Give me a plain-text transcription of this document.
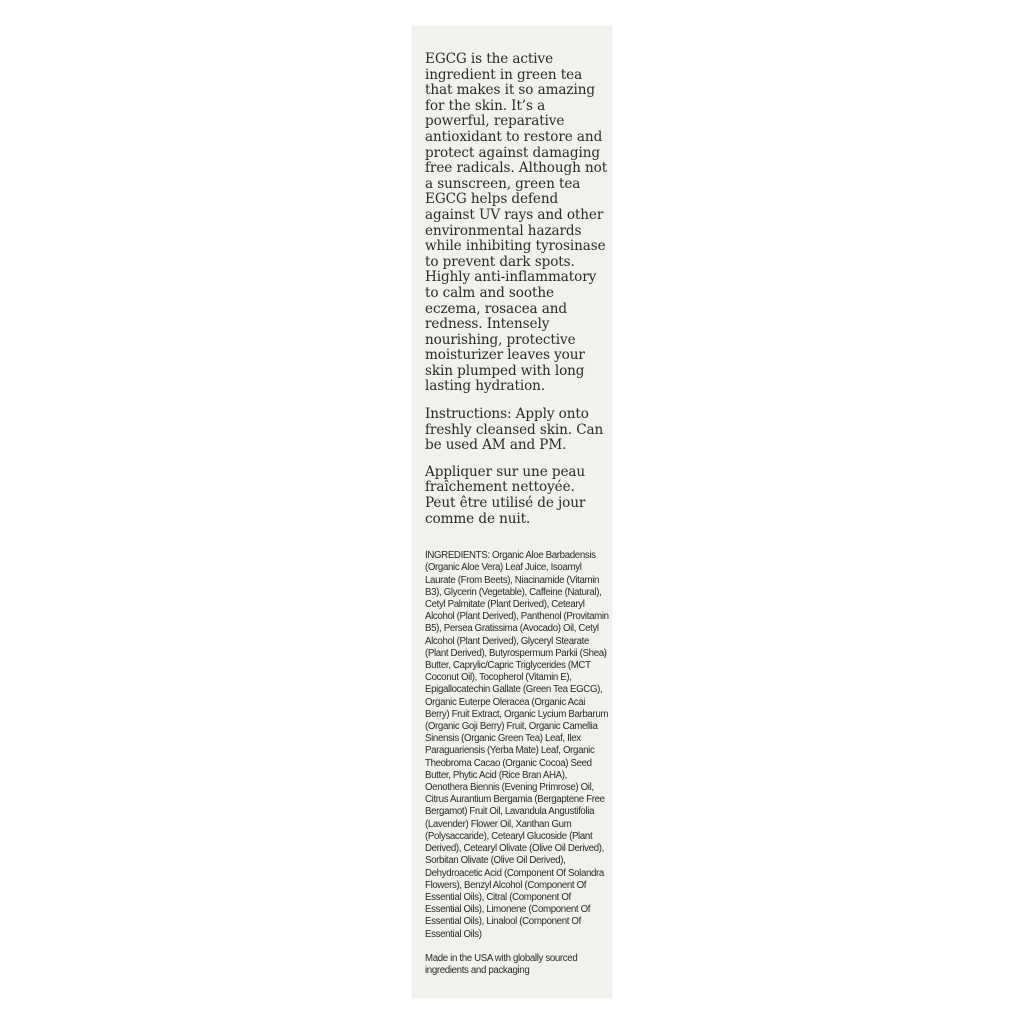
EGCG is the active ingredient in green tea that makes it so amazing for the skin. It’s a powerful, reparative antioxidant to restore and protect against damaging free radicals. Although not a sunscreen, green tea EGCG helps defend against UV rays and other environmental hazards while inhibiting tyrosinase to prevent dark spots. Highly anti-inflammatory to calm and soothe eczema, rosacea and redness. Intensely nourishing, protective moisturizer leaves your skin plumped with long lasting hydration.

Instructions: Apply onto freshly cleansed skin. Can be used AM and PM.

Appliquer sur une peau fraîchement nettoyée. Peut être utilisé de jour comme de nuit.

INGREDIENTS: Organic Aloe Barbadensis (Organic Aloe Vera) Leaf Juice, Isoamyl Laurate (From Beets), Niacinamide (Vitamin B3), Glycerin (Vegetable), Caffeine (Natural), Cetyl Palmitate (Plant Derived), Cetearyl Alcohol (Plant Derived), Panthenol (Provitamin B5), Persea Gratissima (Avocado) Oil, Cetyl Alcohol (Plant Derived), Glyceryl Stearate (Plant Derived), Butyrospermum Parkii (Shea) Butter, Caprylic/Capric Triglycerides (MCT Coconut Oil), Tocopherol (Vitamin E), Epigallocatechin Gallate (Green Tea EGCG), Organic Euterpe Oleracea (Organic Acai Berry) Fruit Extract, Organic Lycium Barbarum (Organic Goji Berry) Fruit, Organic Camellia Sinensis (Organic Green Tea) Leaf, Ilex Paraguariensis (Yerba Mate) Leaf, Organic Theobroma Cacao (Organic Cocoa) Seed Butter, Phytic Acid (Rice Bran AHA), Oenothera Biennis (Evening Primrose) Oil, Citrus Aurantium Bergamia (Bergaptene Free Bergamot) Fruit Oil, Lavandula Angustifolia (Lavender) Flower Oil, Xanthan Gum (Polysaccaride), Cetearyl Glucoside (Plant Derived), Cetearyl Olivate (Olive Oil Derived), Sorbitan Olivate (Olive Oil Derived), Dehydroacetic Acid (Component Of Solandra Flowers), Benzyl Alcohol (Component Of Essential Oils), Citral (Component Of Essential Oils), Limonene (Component Of Essential Oils), Linalool (Component Of Essential Oils)

Made in the USA with globally sourced ingredients and packaging
